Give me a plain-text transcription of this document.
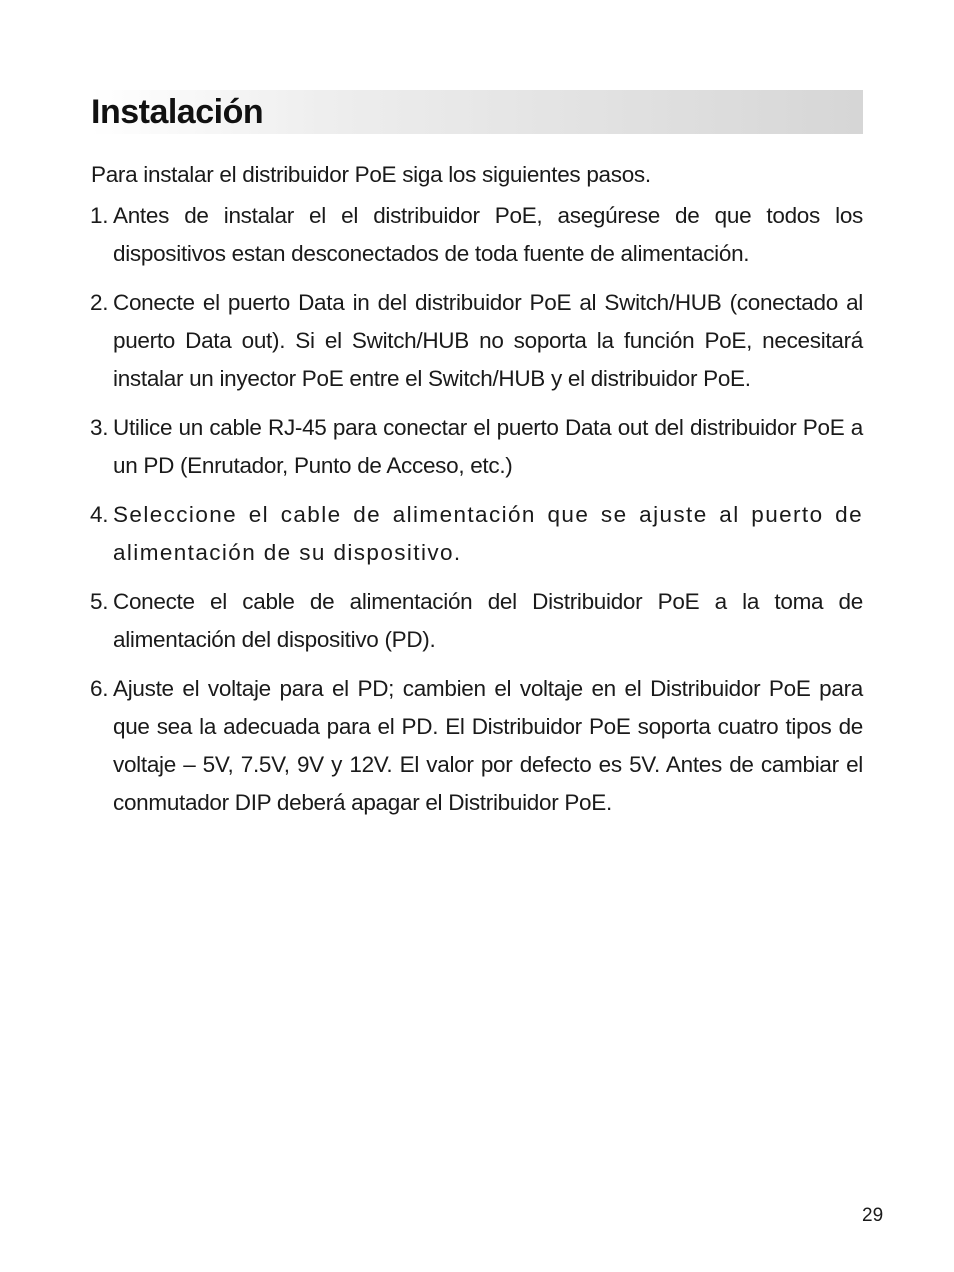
Instalación

Para instalar el distribuidor PoE siga los siguientes pasos.

1. Antes de instalar el el distribuidor PoE, asegúrese de que todos los dispositivos estan desconectados de toda fuente de alimentación.
2. Conecte el puerto Data in del distribuidor PoE al Switch/HUB (conectado al puerto Data out). Si el Switch/HUB no soporta la función PoE, necesitará instalar un inyector PoE entre el Switch/HUB y el distribuidor PoE.
3. Utilice un cable RJ-45 para conectar el puerto Data out del distribuidor PoE a un PD (Enrutador, Punto de Acceso, etc.)
4. Seleccione el cable de alimentación que se ajuste al puerto de alimentación de su dispositivo.
5. Conecte el cable de alimentación del Distribuidor PoE a la toma de alimentación del dispositivo (PD).
6. Ajuste el voltaje para el PD; cambien el voltaje en el Distribuidor PoE para que sea la adecuada para el PD. El Distribuidor PoE soporta cuatro tipos de voltaje – 5V, 7.5V, 9V y 12V. El valor por defecto es 5V. Antes de cambiar el conmutador DIP deberá apagar el Distribuidor PoE.

29
